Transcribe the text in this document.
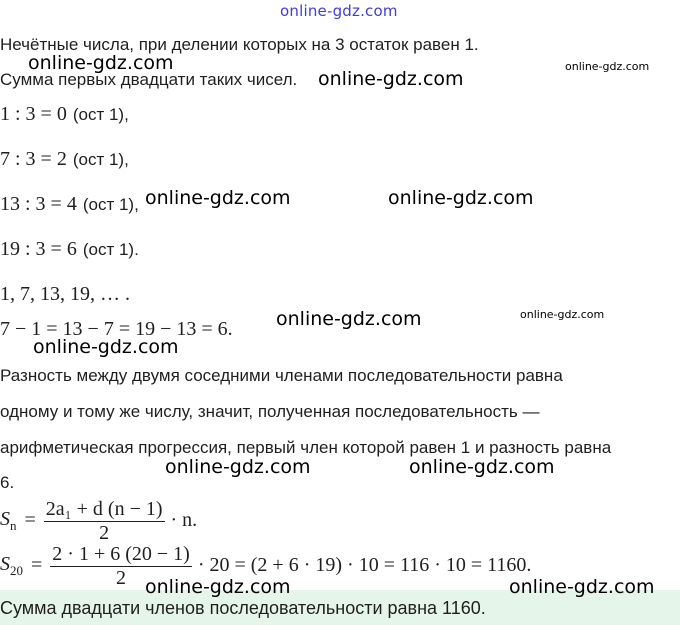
online-gdz.com
Нечётные числа, при делении которых на 3 остаток равен 1.
Сумма первых двадцати таких чисел.
1 : 3 = 0 (ост 1),
7 : 3 = 2 (ост 1),
13 : 3 = 4 (ост 1),
19 : 3 = 6 (ост 1).
1, 7, 13, 19, … .
7 − 1 = 13 − 7 = 19 − 13 = 6.
Разность между двумя соседними членами последовательности равна
одному и тому же числу, значит, полученная последовательность —
арифметическая прогрессия, первый член которой равен 1 и разность равна
6.
$S_n = \frac{\text{2a₁ + d (n − 1)}}{2} \cdot n$.
$S_{20} = \frac{2 \cdot 1 + 6 (20 - 1)}{2} \cdot 20 = (2 + 6 \cdot 19) \cdot 10 = 116 \cdot 10 = 1160$.
Сумма двадцати членов последовательности равна 1160.
online-gdz.com
online-gdz.com
online-gdz.com
online-gdz.com	online-gdz.com
online-gdz.com	online-gdz.com
online-gdz.com
online-gdz.com	online-gdz.com
online-gdz.com	online-gdz.com
